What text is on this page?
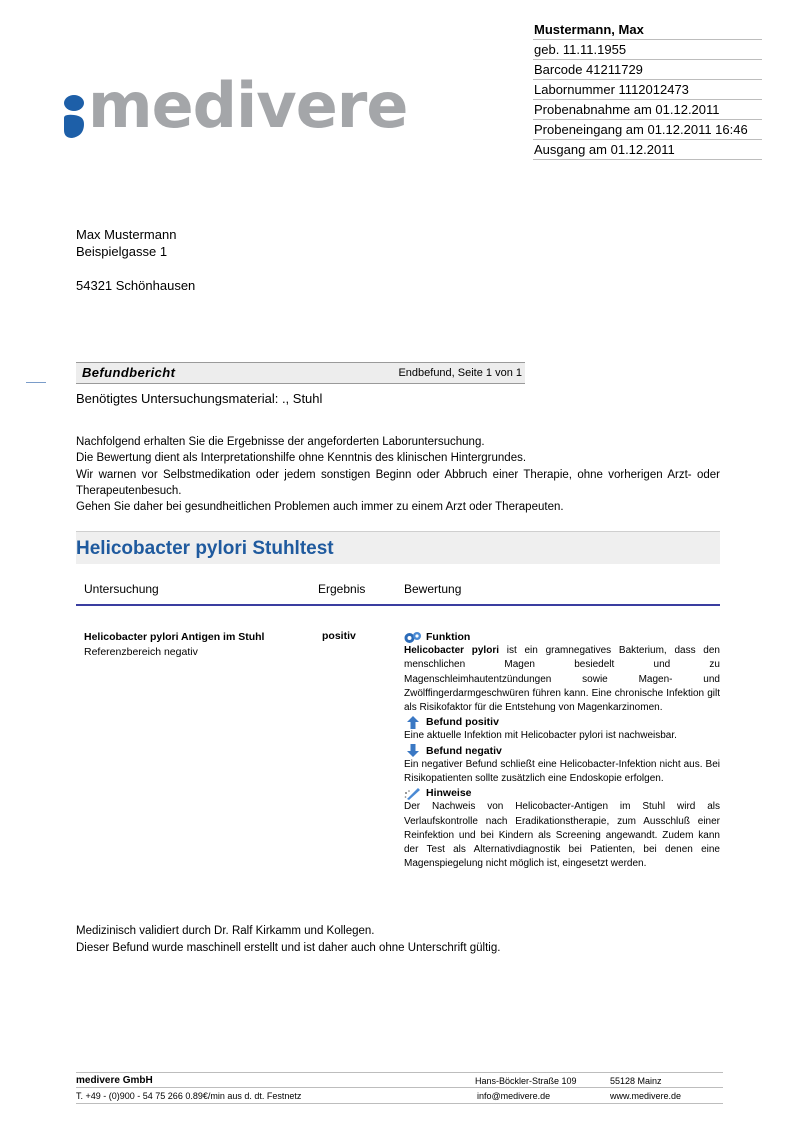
medivere
Mustermann, Max
geb. 11.11.1955
Barcode 41211729
Labornummer 1112012473
Probenabnahme am 01.12.2011
Probeneingang am 01.12.2011 16:46
Ausgang am 01.12.2011
Max Mustermann
Beispielgasse 1
54321 Schönhausen
Befundbericht	Endbefund, Seite 1 von 1
Benötigtes Untersuchungsmaterial: ., Stuhl

Nachfolgend erhalten Sie die Ergebnisse der angeforderten Laboruntersuchung.

Die Bewertung dient als Interpretationshilfe ohne Kenntnis des klinischen Hintergrundes.

Wir warnen vor Selbstmedikation oder jedem sonstigen Beginn oder Abbruch einer Therapie, ohne vorherigen Arzt- oder Therapeutenbesuch.

Gehen Sie daher bei gesundheitlichen Problemen auch immer zu einem Arzt oder Therapeuten.

Helicobacter pylori Stuhltest
Untersuchung	Ergebnis	Bewertung
Helicobacter pylori Antigen im Stuhl
Referenzbereich negativ
positiv	Funktion
Helicobacter pylori ist ein gramnegatives Bakterium, dass den menschlichen Magen besiedelt und zu Magenschleimhautentzündungen sowie Magen- und Zwölffingerdarmgeschwüren führen kann. Eine chronische Infektion gilt als Risikofaktor für die Entstehung von Magenkarzinomen.
Befund positiv
Eine aktuelle Infektion mit Helicobacter pylori ist nachweisbar.
Befund negativ
Ein negativer Befund schließt eine Helicobacter-Infektion nicht aus. Bei Risikopatienten sollte zusätzlich eine Endoskopie erfolgen.
Hinweise
Der Nachweis von Helicobacter-Antigen im Stuhl wird als Verlaufskontrolle nach Eradikationstherapie, zum Ausschluß einer Reinfektion und bei Kindern als Screening angewandt. Zudem kann der Test als Alternativdiagnostik bei Patienten, bei denen eine Magenspiegelung nicht möglich ist, eingesetzt werden.
Medizinisch validiert durch Dr. Ralf Kirkamm und Kollegen.
Dieser Befund wurde maschinell erstellt und ist daher auch ohne Unterschrift gültig.
medivere GmbH	Hans-Böckler-Straße 109	55128 Mainz
T. +49 - (0)900 - 54 75 266 0.89€/min aus d. dt. Festnetz	info@medivere.de	www.medivere.de
